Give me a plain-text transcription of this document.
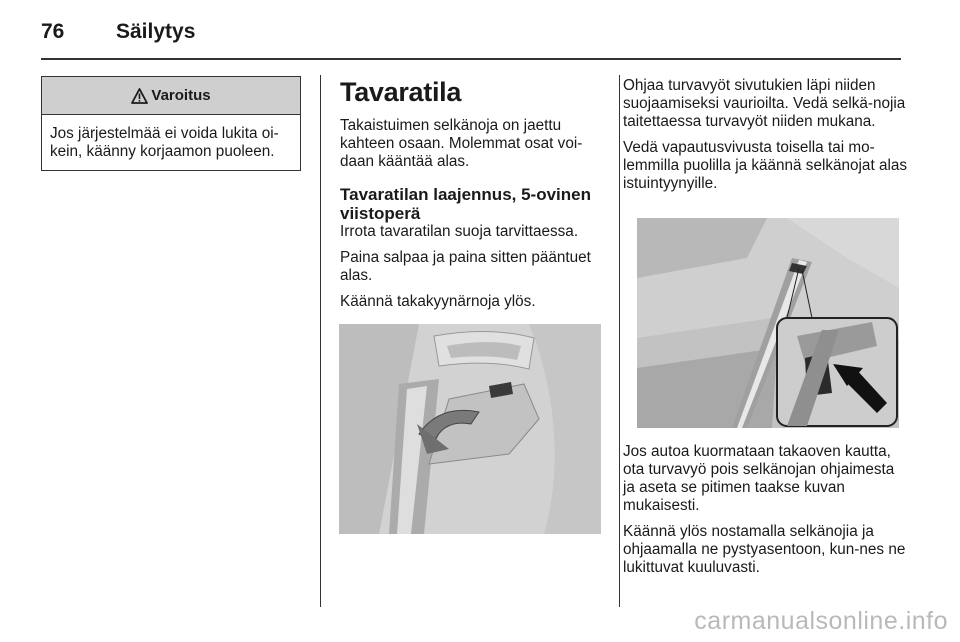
76 Säilytys
Varoitus
Jos järjestelmää ei voida lukita oi-kein, käänny korjaamon puoleen.
Tavaratila

Takaistuimen selkänoja on jaettu kahteen osaan. Molemmat osat voi-daan kääntää alas.

Tavaratilan laajennus, 5-ovinen viistoperä

Irrota tavaratilan suoja tarvittaessa.

Paina salpaa ja paina sitten pääntuet alas.

Käännä takakyynärnoja ylös.

Ohjaa turvavyöt sivutukien läpi niiden suojaamiseksi vaurioilta. Vedä selkä-nojia taitettaessa turvavyöt niiden mukana.

Vedä vapautusvivusta toisella tai mo-lemmilla puolilla ja käännä selkänojat alas istuintyynyille.

Jos autoa kuormataan takaoven kautta, ota turvavyö pois selkänojan ohjaimesta ja aseta se pitimen taakse kuvan mukaisesti.

Käännä ylös nostamalla selkänojia ja ohjaamalla ne pystyasentoon, kun-nes ne lukittuvat kuuluvasti.

carmanualsonline.info
